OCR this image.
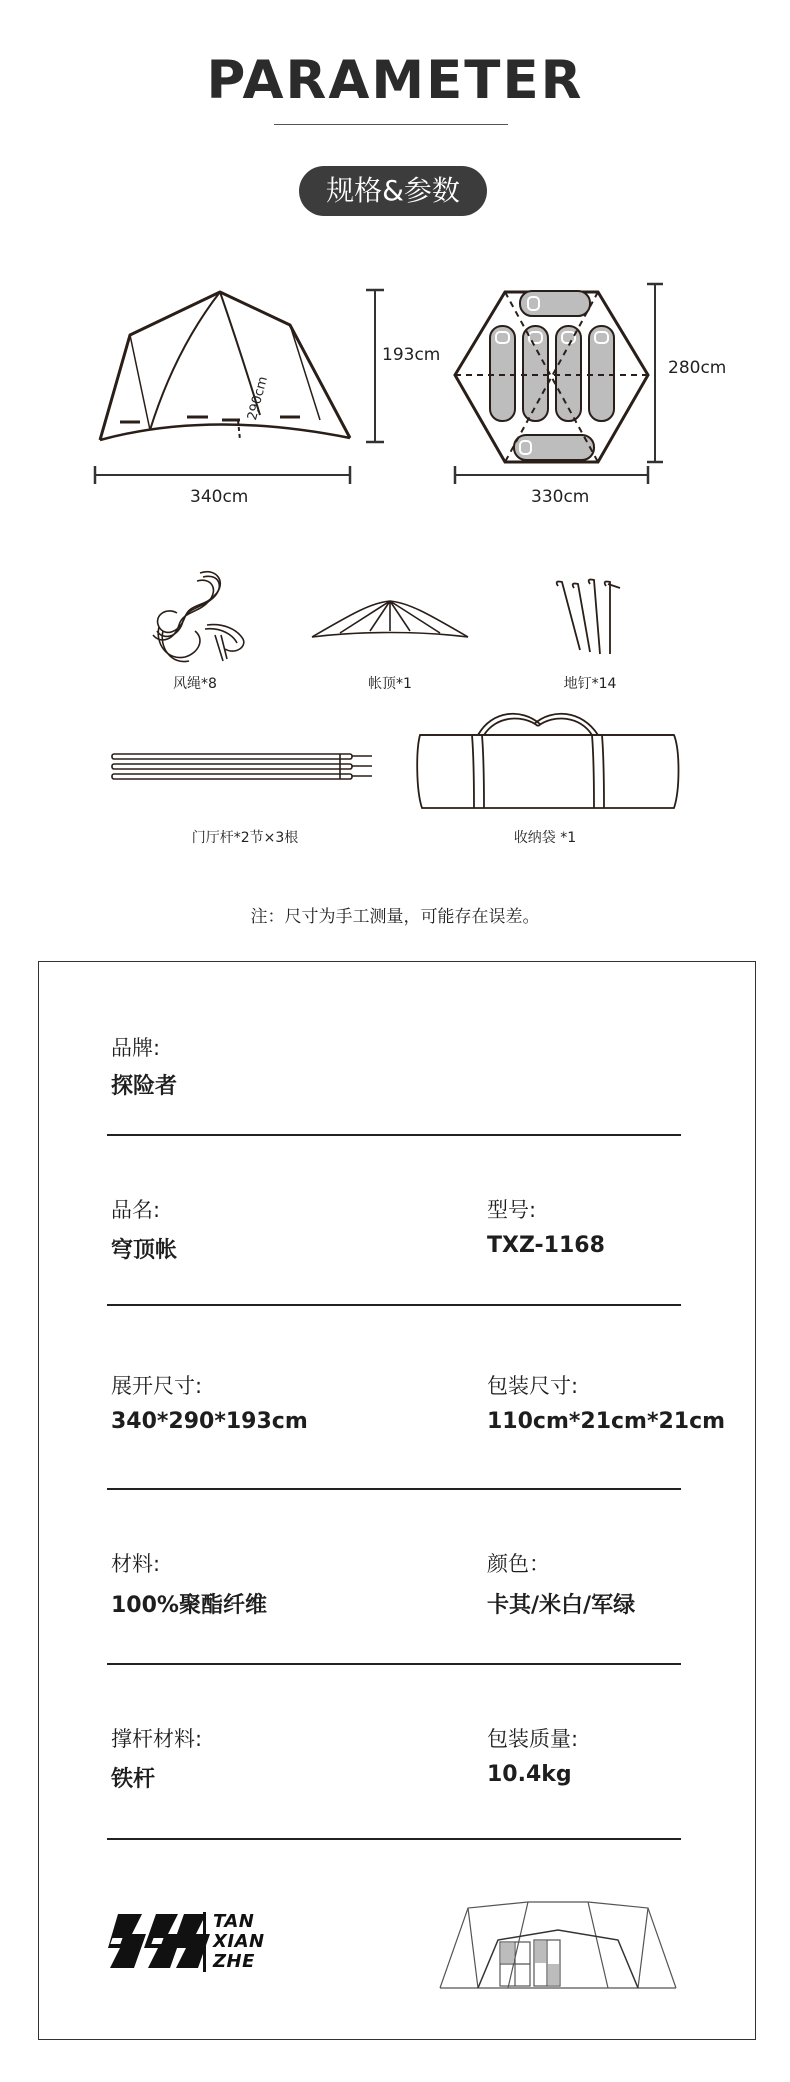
PARAMETER
规格&参数
193cm
340cm
290cm
280cm
330cm
风绳*8	帐顶*1	地钉*14
门厅杆*2节×3根	收纳袋 *1
注：尺寸为手工测量，可能存在误差。
品牌:
探险者
品名:
穹顶帐
型号:
TXZ-1168
展开尺寸:
340*290*193cm
包装尺寸:
110cm*21cm*21cm
材料:
100%聚酯纤维
颜色：
卡其/米白/军绿
撑杆材料:
铁杆
包装质量:
10.4kg
TAN
XIAN
ZHE
